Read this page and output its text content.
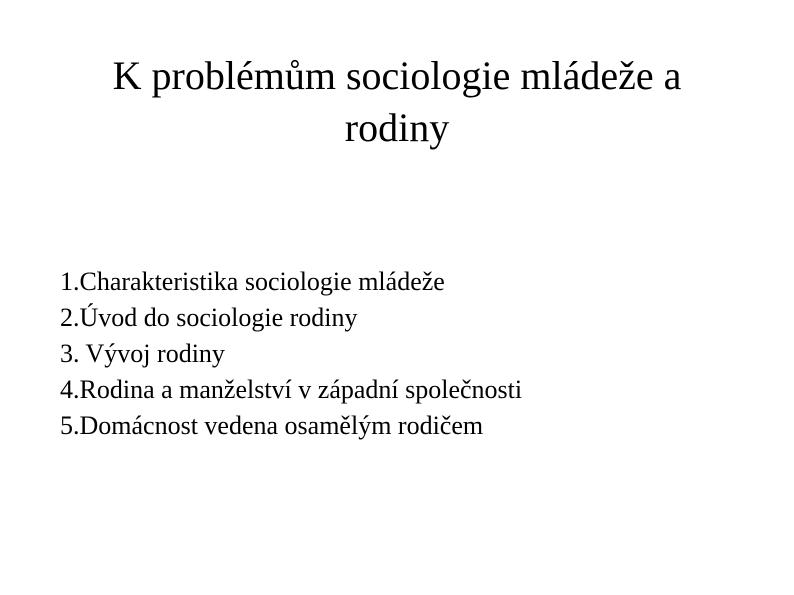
K problémům sociologie mládeže a
rodiny
1.Charakteristika sociologie mládeže
2.Úvod do sociologie rodiny
3. Vývoj rodiny
4.Rodina a manželství v západní společnosti
5.Domácnost vedena osamělým rodičem
